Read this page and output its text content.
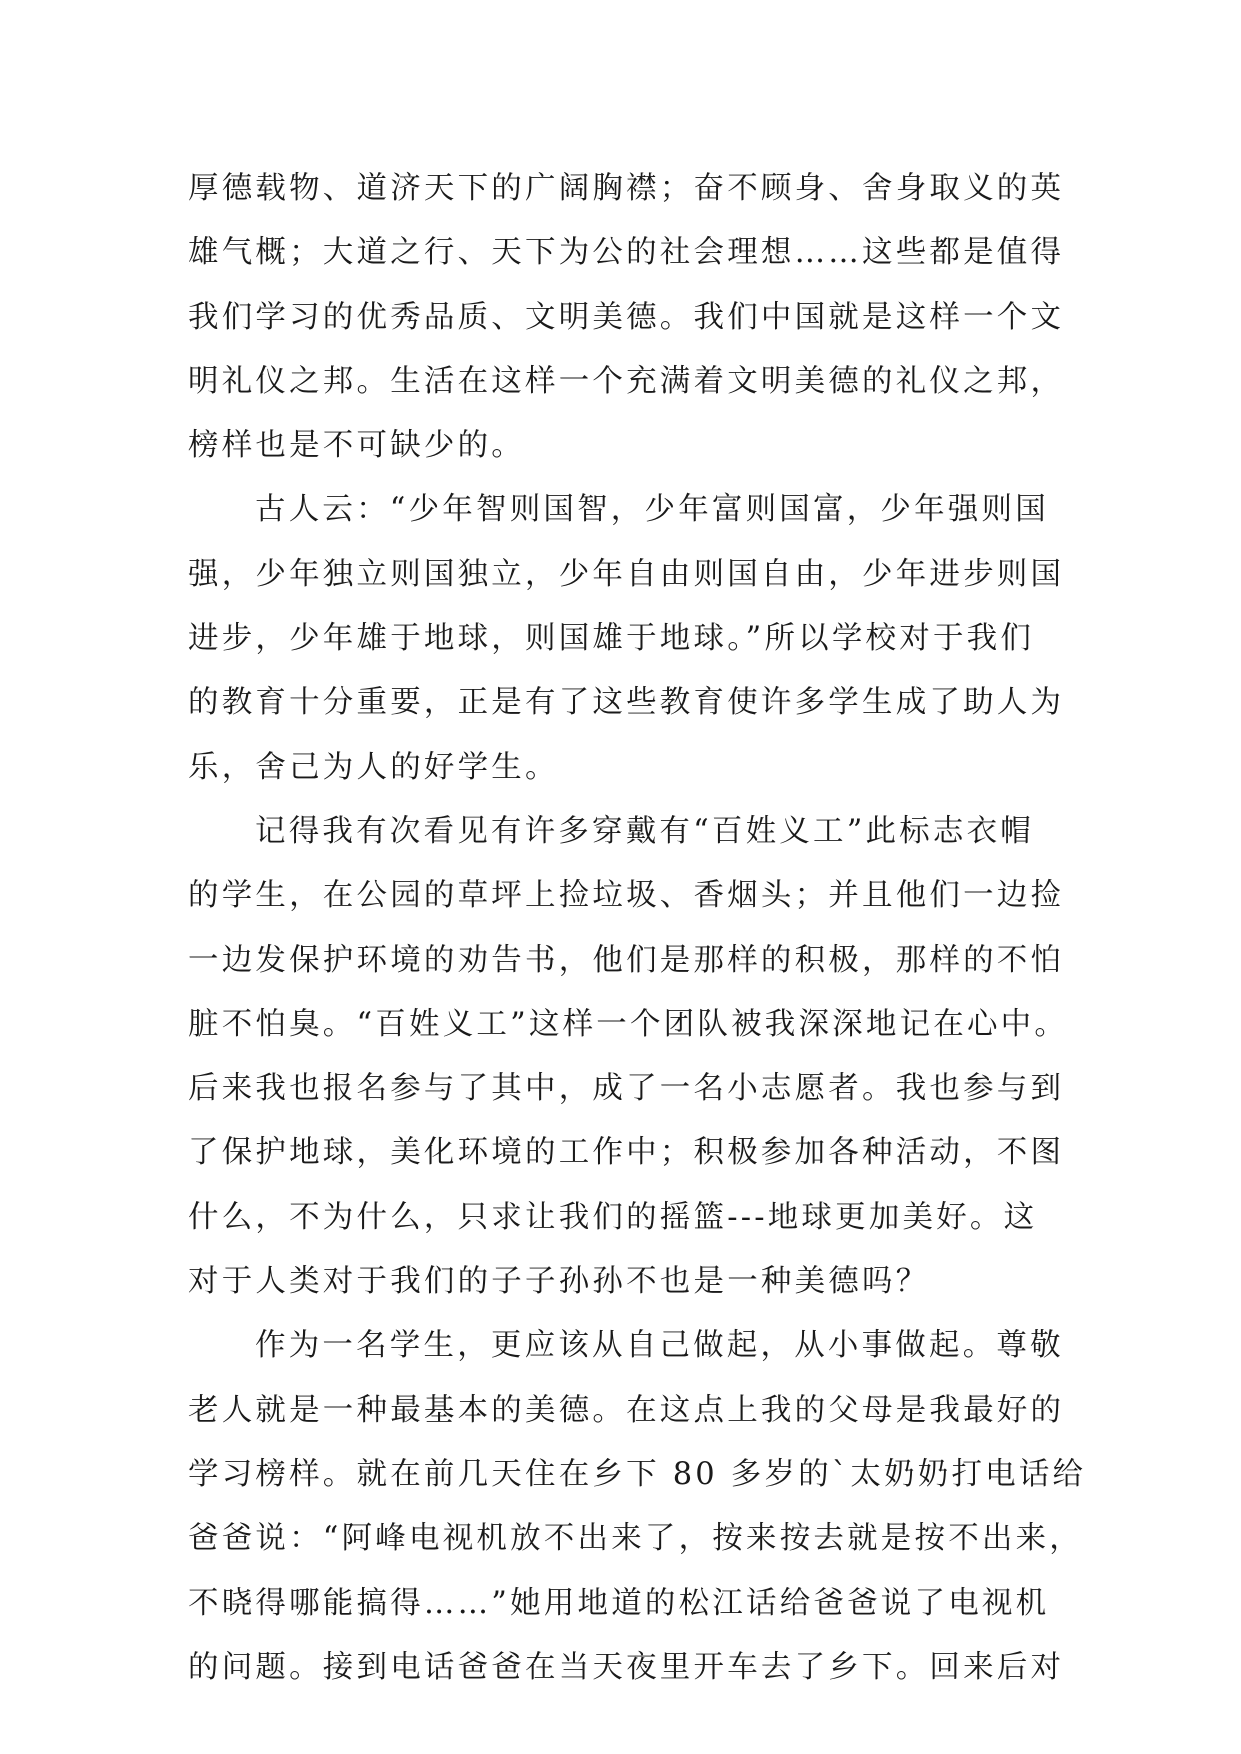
厚德载物、道济天下的广阔胸襟；奋不顾身、舍身取义的英
雄气概；大道之行、天下为公的社会理想……这些都是值得
我们学习的优秀品质、文明美德。我们中国就是这样一个文
明礼仪之邦。生活在这样一个充满着文明美德的礼仪之邦，
榜样也是不可缺少的。
古人云：“少年智则国智，少年富则国富，少年强则国
强，少年独立则国独立，少年自由则国自由，少年进步则国
进步，少年雄于地球，则国雄于地球。”所以学校对于我们
的教育十分重要，正是有了这些教育使许多学生成了助人为
乐，舍己为人的好学生。
记得我有次看见有许多穿戴有“百姓义工”此标志衣帽
的学生，在公园的草坪上捡垃圾、香烟头；并且他们一边捡
一边发保护环境的劝告书，他们是那样的积极，那样的不怕
脏不怕臭。“百姓义工”这样一个团队被我深深地记在心中。
后来我也报名参与了其中，成了一名小志愿者。我也参与到
了保护地球，美化环境的工作中；积极参加各种活动，不图
什么，不为什么，只求让我们的摇篮---地球更加美好。这
对于人类对于我们的子子孙孙不也是一种美德吗？
作为一名学生，更应该从自己做起，从小事做起。尊敬
老人就是一种最基本的美德。在这点上我的父母是我最好的
学习榜样。就在前几天住在乡下 80 多岁的`太奶奶打电话给
爸爸说：“阿峰电视机放不出来了，按来按去就是按不出来，
不晓得哪能搞得……”她用地道的松江话给爸爸说了电视机
的问题。接到电话爸爸在当天夜里开车去了乡下。回来后对
